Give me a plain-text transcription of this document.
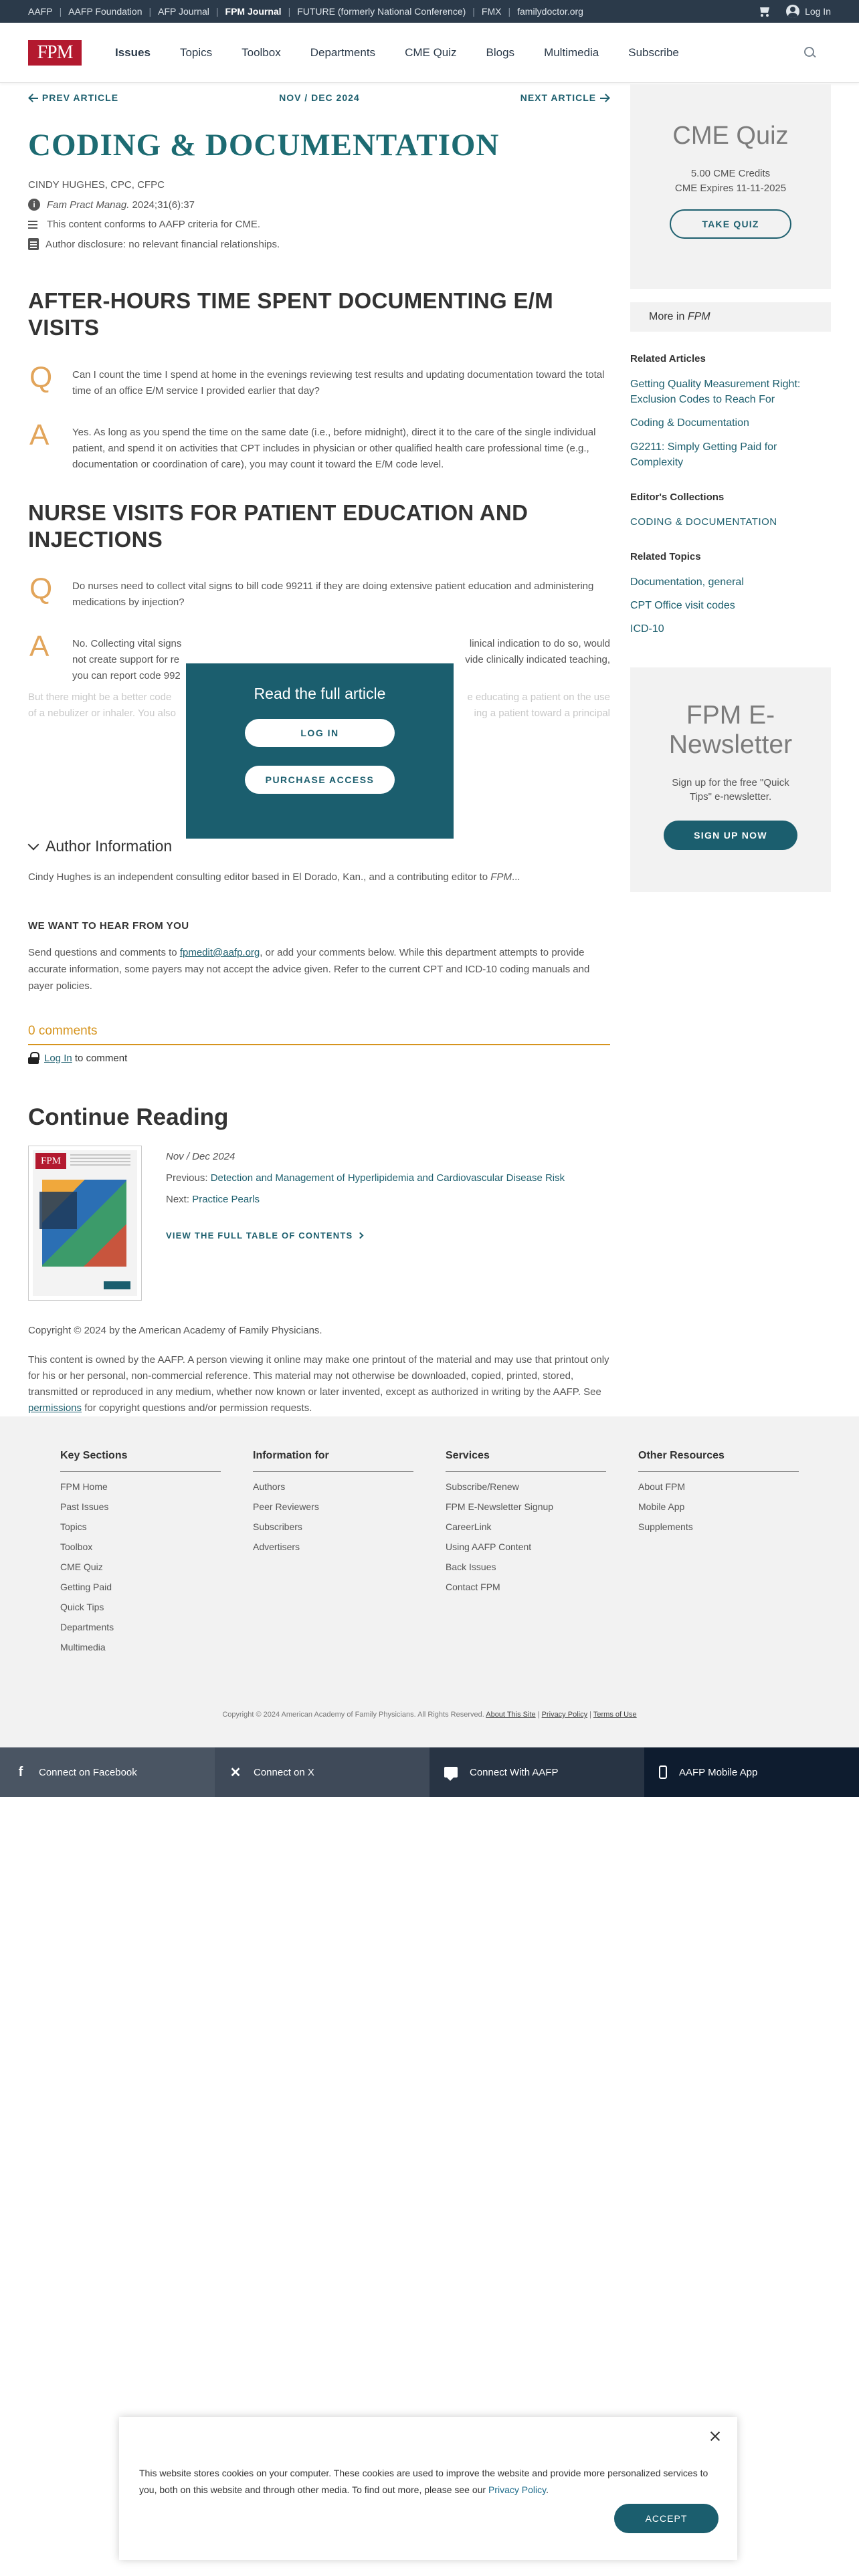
AAFP | AAFP Foundation | AFP Journal | FPM Journal | FUTURE (formerly National Conference) | FMX | familydoctor.org	Log In
FPM	Issues	Topics	Toolbox	Departments	CME Quiz	Blogs	Multimedia	Subscribe
PREV ARTICLE	NOV / DEC 2024	NEXT ARTICLE
CODING & DOCUMENTATION
CINDY HUGHES, CPC, CFPC
i	Fam Pract Manag. 2024;31(6):37
This content conforms to AAFP criteria for CME.
Author disclosure: no relevant financial relationships.
AFTER-HOURS TIME SPENT DOCUMENTING E/M VISITS
Q	Can I count the time I spend at home in the evenings reviewing test results and updating documentation toward the total time of an office E/M service I provided earlier that day?
A	Yes. As long as you spend the time on the same date (i.e., before midnight), direct it to the care of the single individual patient, and spend it on activities that CPT includes in physician or other qualified health care professional time (e.g., documentation or coordination of care), you may count it toward the E/M code level.
NURSE VISITS FOR PATIENT EDUCATION AND INJECTIONS
Q	Do nurses need to collect vital signs to bill code 99211 if they are doing extensive patient education and administering medications by injection?
A	No. Collecting vital signs	linical indication to do so, would
not create support for re	vide clinically indicated teaching,
you can report code 992
But there might be a better code	e educating a patient on the use
of a nebulizer or inhaler. You also	ing a patient toward a principal
Read the full article
LOG IN
PURCHASE ACCESS
Author Information
Cindy Hughes is an independent consulting editor based in El Dorado, Kan., and a contributing editor to FPM...
WE WANT TO HEAR FROM YOU
Send questions and comments to fpmedit@aafp.org, or add your comments below. While this department attempts to provide accurate information, some payers may not accept the advice given. Refer to the current CPT and ICD-10 coding manuals and payer policies.
0 comments
Log In to comment
Continue Reading
FPM	Nov / Dec 2024
Previous: Detection and Management of Hyperlipidemia and Cardiovascular Disease Risk
Next: Practice Pearls
VIEW THE FULL TABLE OF CONTENTS
Copyright © 2024 by the American Academy of Family Physicians.
This content is owned by the AAFP. A person viewing it online may make one printout of the material and may use that printout only for his or her personal, non-commercial reference. This material may not otherwise be downloaded, copied, printed, stored, transmitted or reproduced in any medium, whether now known or later invented, except as authorized in writing by the AAFP. See permissions for copyright questions and/or permission requests.
CME Quiz
5.00 CME Credits
CME Expires 11-11-2025
TAKE QUIZ
More in
FPM
Related Articles
Getting Quality Measurement Right: Exclusion Codes to Reach For
Coding & Documentation
G2211: Simply Getting Paid for Complexity
Editor's Collections
CODING & DOCUMENTATION
Related Topics
Documentation, general
CPT Office visit codes
ICD-10
FPM E-Newsletter
Sign up for the free "Quick Tips" e-newsletter.
SIGN UP NOW
Key Sections
FPM Home
Past Issues
Topics
Toolbox
CME Quiz
Getting Paid
Quick Tips
Departments
Multimedia
Information for
Authors
Peer Reviewers
Subscribers
Advertisers
Services
Subscribe/Renew
FPM E-Newsletter Signup
CareerLink
Using AAFP Content
Back Issues
Contact FPM
Other Resources
About FPM
Mobile App
Supplements
Copyright © 2024 American Academy of Family Physicians. All Rights Reserved. About This Site | Privacy Policy | Terms of Use
f	Connect on Facebook	✕ Connect on X	Connect With AAFP	AAFP Mobile App
This website stores cookies on your computer. These cookies are used to improve the website and provide more personalized services to you, both on this website and through other media. To find out more, please see our Privacy Policy.
ACCEPT
